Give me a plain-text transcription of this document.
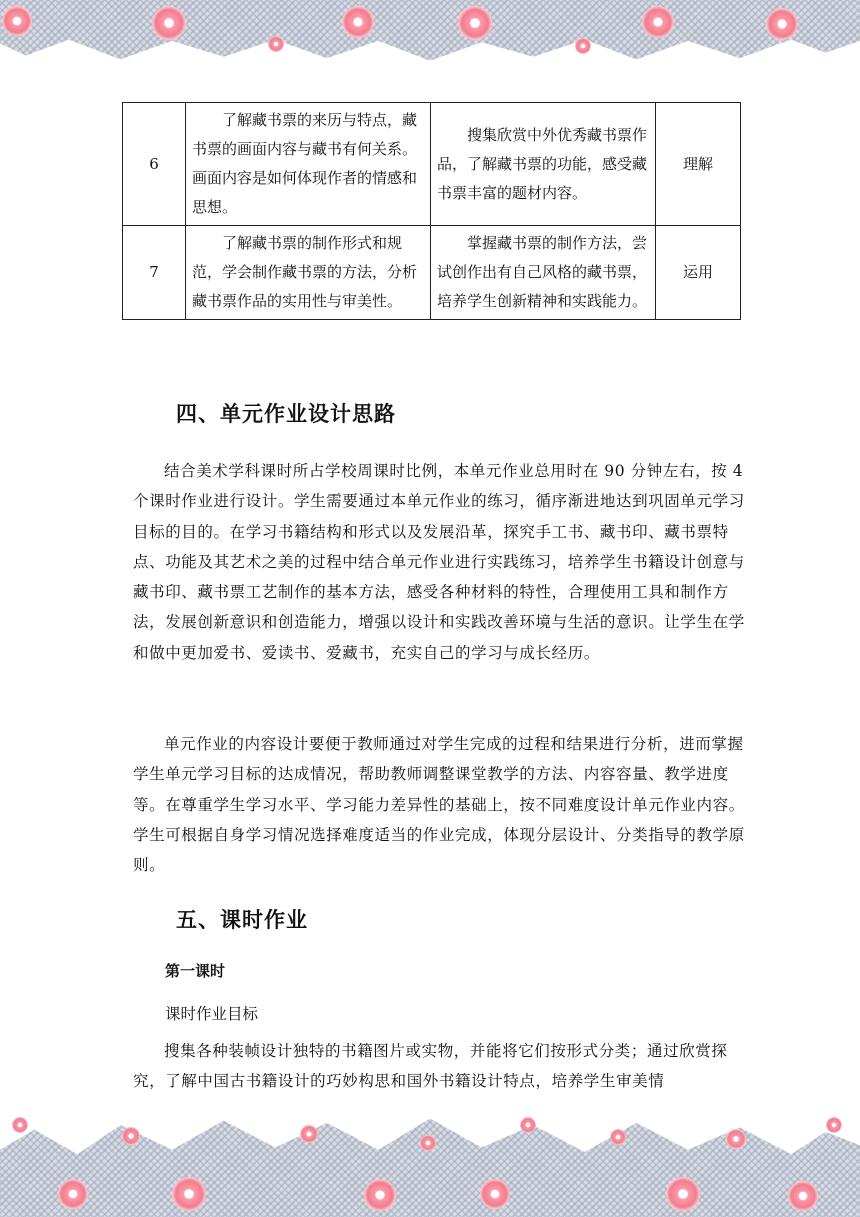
6	了解藏书票的来历与特点，藏书票的画面内容与藏书有何关系。画面内容是如何体现作者的情感和思想。	搜集欣赏中外优秀藏书票作品，了解藏书票的功能，感受藏书票丰富的题材内容。	理解
7	了解藏书票的制作形式和规范，学会制作藏书票的方法，分析藏书票作品的实用性与审美性。	掌握藏书票的制作方法，尝试创作出有自己风格的藏书票，培养学生创新精神和实践能力。	运用
四、单元作业设计思路

结合美术学科课时所占学校周课时比例，本单元作业总用时在 90 分钟左右，按 4 个课时作业进行设计。学生需要通过本单元作业的练习，循序渐进地达到巩固单元学习目标的目的。在学习书籍结构和形式以及发展沿革，探究手工书、藏书印、藏书票特点、功能及其艺术之美的过程中结合单元作业进行实践练习，培养学生书籍设计创意与藏书印、藏书票工艺制作的基本方法，感受各种材料的特性，合理使用工具和制作方法，发展创新意识和创造能力，增强以设计和实践改善环境与生活的意识。让学生在学和做中更加爱书、爱读书、爱藏书，充实自己的学习与成长经历。

单元作业的内容设计要便于教师通过对学生完成的过程和结果进行分析，进而掌握学生单元学习目标的达成情况，帮助教师调整课堂教学的方法、内容容量、教学进度等。在尊重学生学习水平、学习能力差异性的基础上，按不同难度设计单元作业内容。学生可根据自身学习情况选择难度适当的作业完成，体现分层设计、分类指导的教学原则。

五、课时作业
第一课时
课时作业目标

搜集各种装帧设计独特的书籍图片或实物，并能将它们按形式分类；通过欣赏探究，了解中国古书籍设计的巧妙构思和国外书籍设计特点，培养学生审美情
